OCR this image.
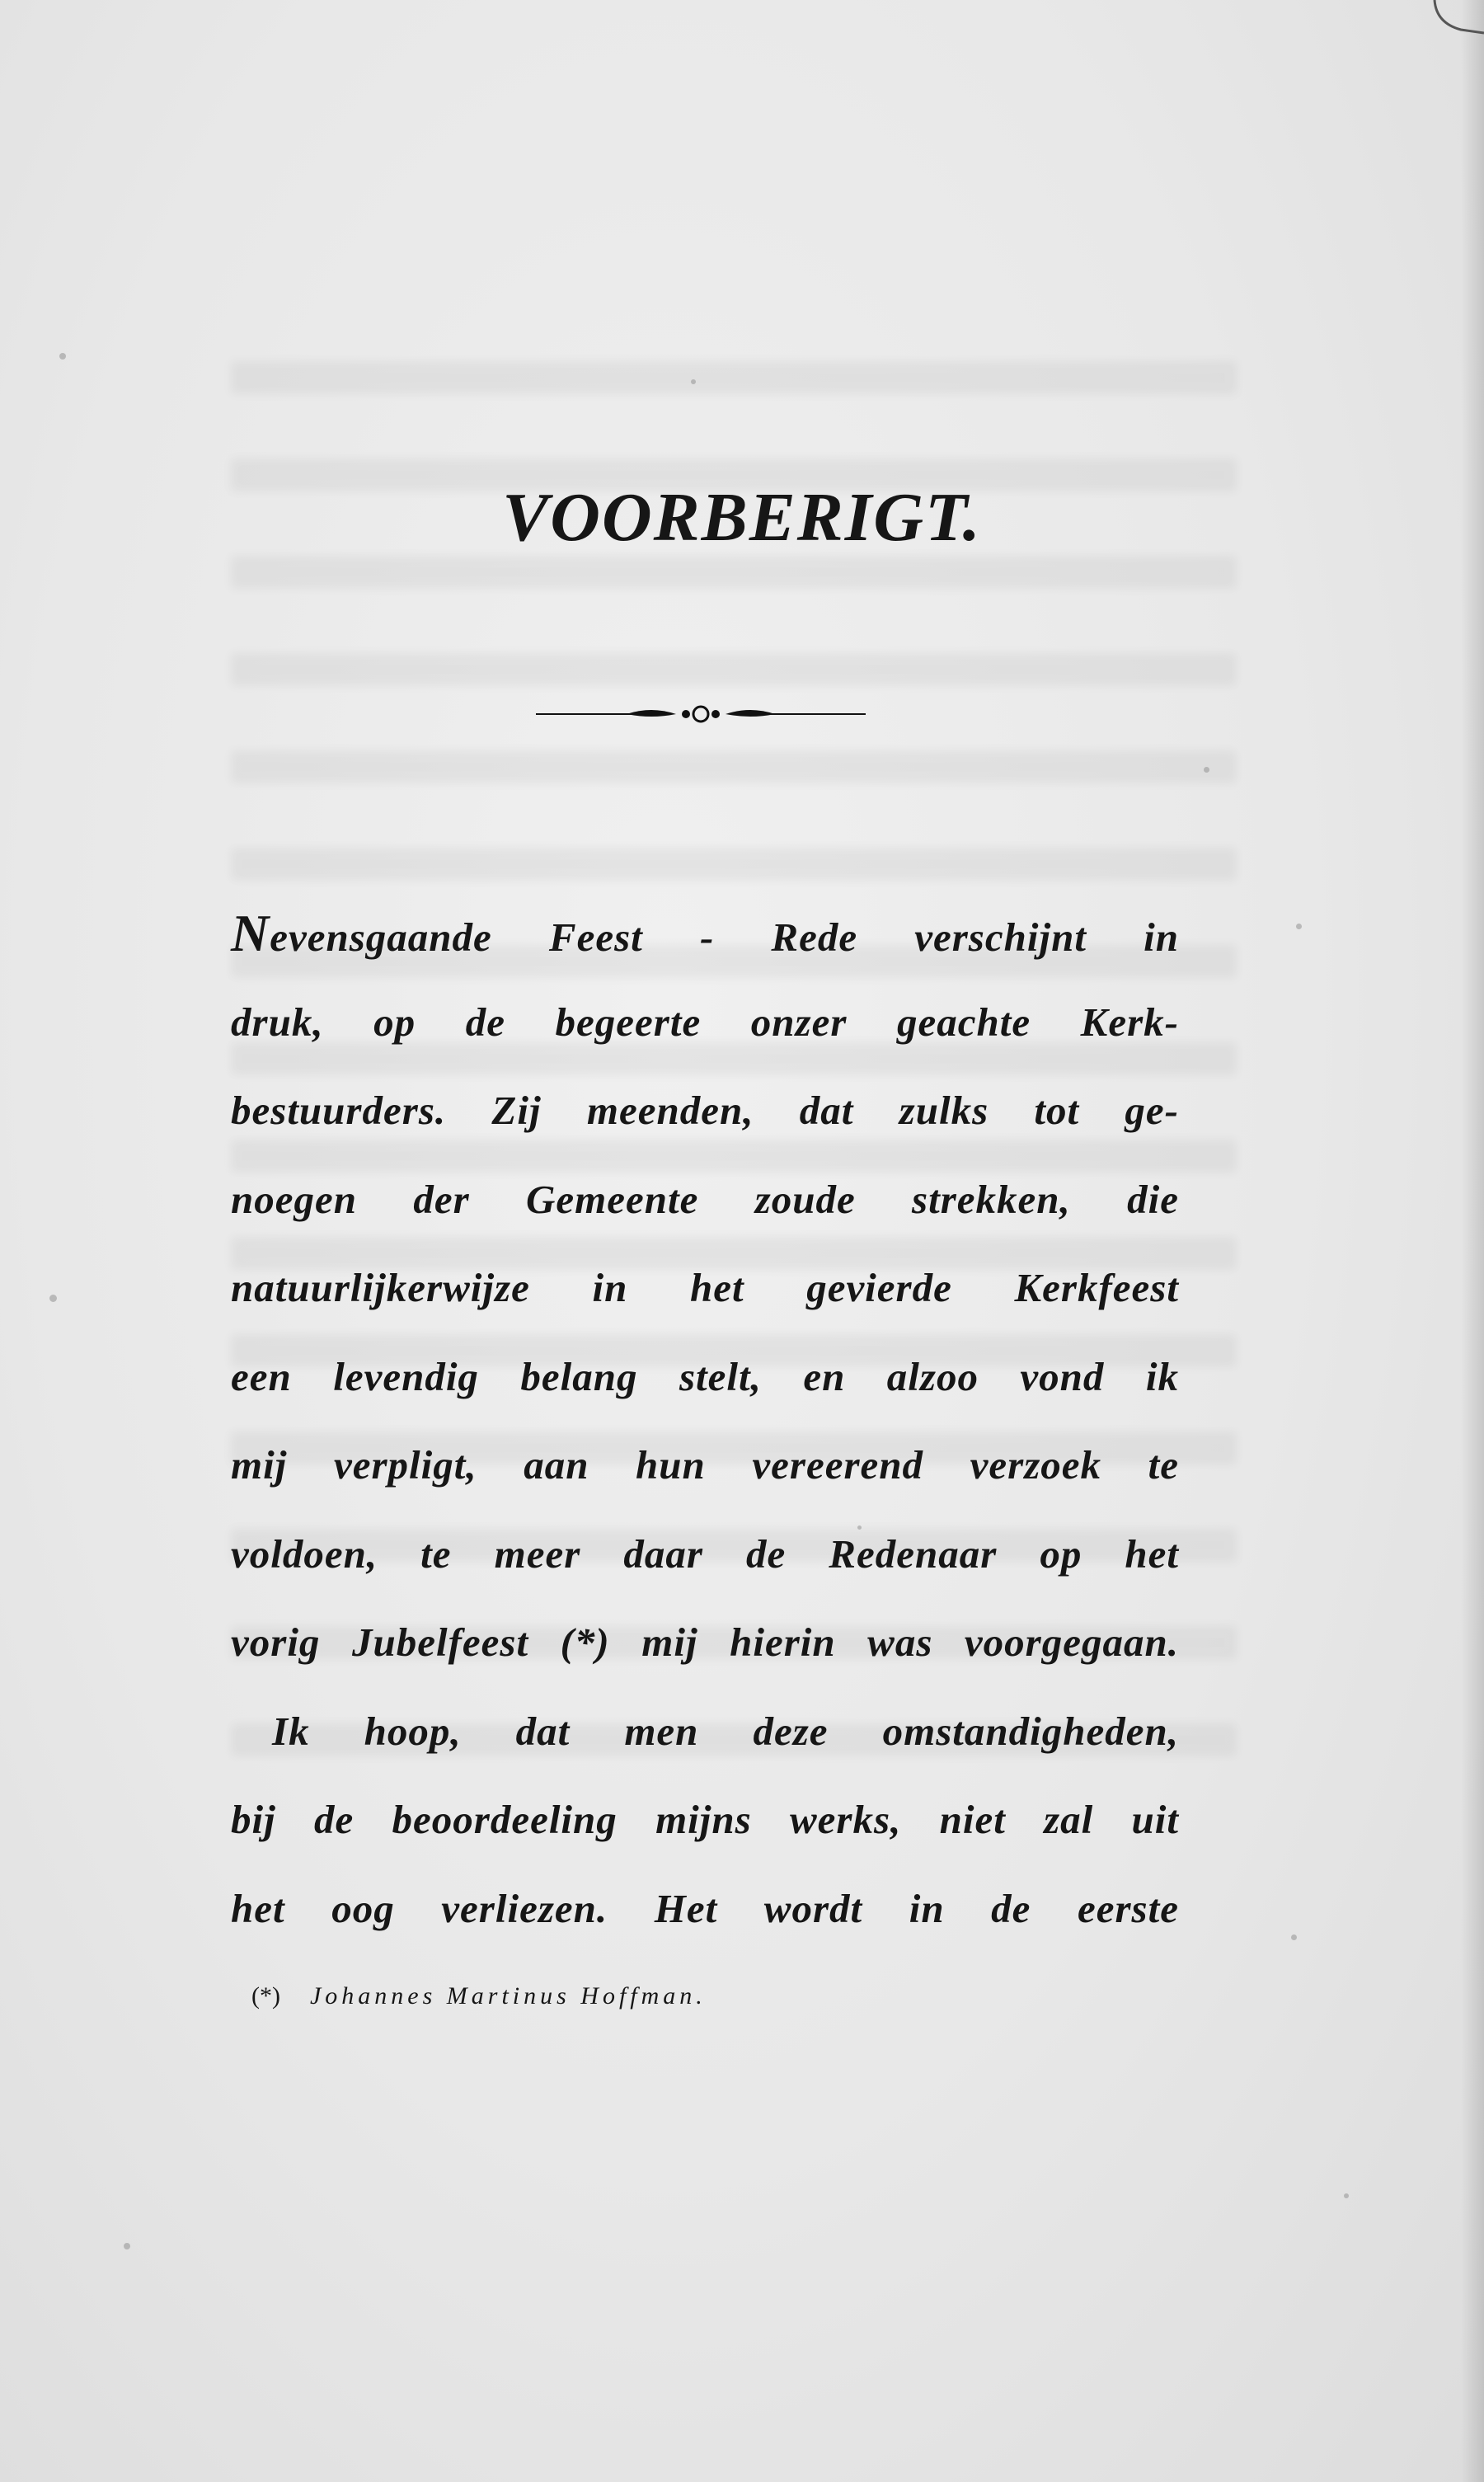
VOORBERIGT.
Nevensgaande Feest - Rede verschijnt in
druk, op de begeerte onzer geachte Kerk-
bestuurders. Zij meenden, dat zulks tot ge-
noegen der Gemeente zoude strekken, die
natuurlijkerwijze in het gevierde Kerkfeest
een levendig belang stelt, en alzoo vond ik
mij verpligt, aan hun vereerend verzoek te
voldoen, te meer daar de Redenaar op het
vorig Jubelfeest (*) mij hierin was voorgegaan.
Ik hoop, dat men deze omstandigheden,
bij de beoordeeling mijns werks, niet zal uit
het oog verliezen. Het wordt in de eerste
(*) Johannes Martinus Hoffman.
